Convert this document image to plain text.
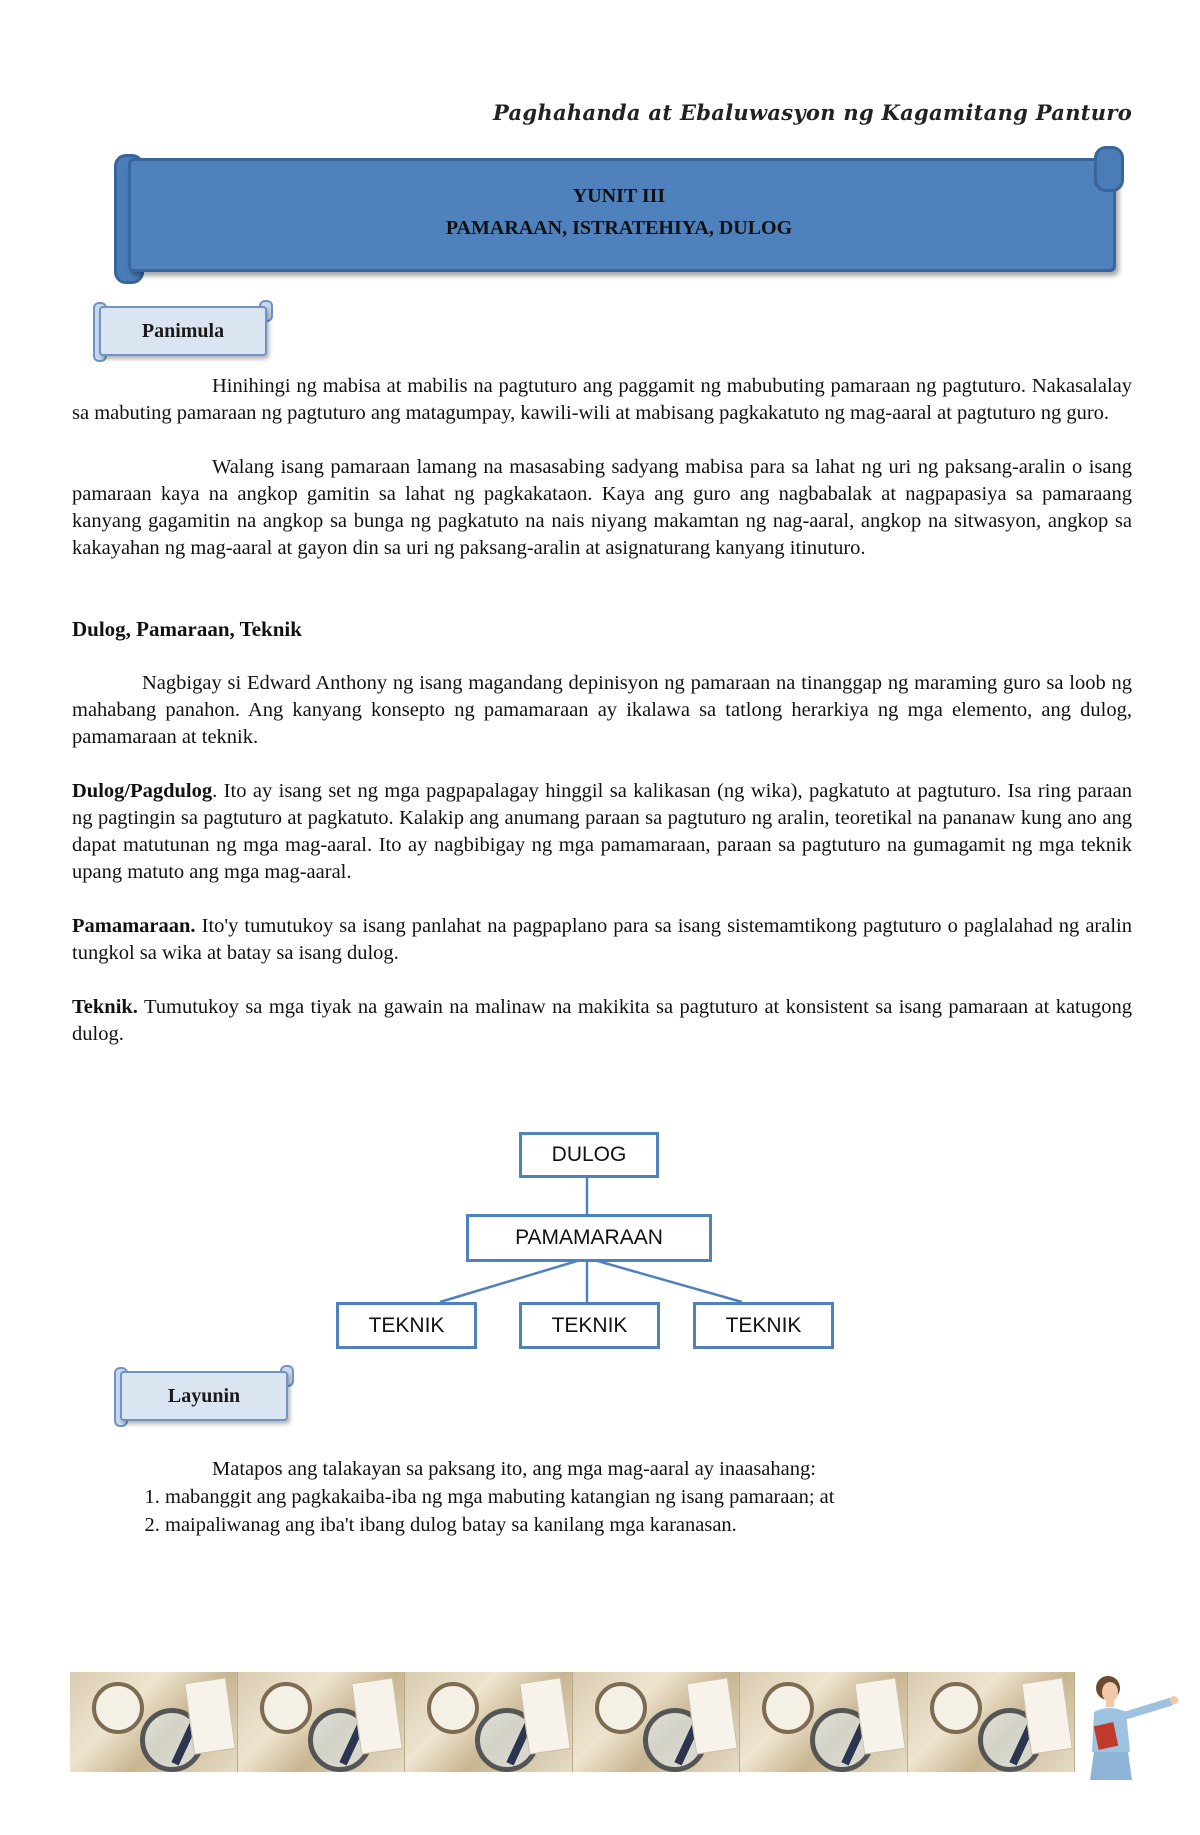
Paghahanda at Ebaluwasyon ng Kagamitang Panturo
YUNIT III
PAMARAAN, ISTRATEHIYA, DULOG
Panimula

Hinihingi ng mabisa at mabilis na pagtuturo ang paggamit ng mabubuting pamaraan ng pagtuturo. Nakasalalay sa mabuting pamaraan ng pagtuturo ang matagumpay, kawili-wili at mabisang pagkakatuto ng mag-aaral at pagtuturo ng guro.

Walang isang pamaraan lamang na masasabing sadyang mabisa para sa lahat ng uri ng paksang-aralin o isang pamaraan kaya na angkop gamitin sa lahat ng pagkakataon. Kaya ang guro ang nagbabalak at nagpapasiya sa pamaraang kanyang gagamitin na angkop sa bunga ng pagkatuto na nais niyang makamtan ng nag-aaral, angkop na sitwasyon, angkop sa kakayahan ng mag-aaral at gayon din sa uri ng paksang-aralin at asignaturang kanyang itinuturo.

Dulog, Pamaraan, Teknik

Nagbigay si Edward Anthony ng isang magandang depinisyon ng pamaraan na tinanggap ng maraming guro sa loob ng mahabang panahon. Ang kanyang konsepto ng pamamaraan ay ikalawa sa tatlong herarkiya ng mga elemento, ang dulog, pamamaraan at teknik.

Dulog/Pagdulog. Ito ay isang set ng mga pagpapalagay hinggil sa kalikasan (ng wika), pagkatuto at pagtuturo. Isa ring paraan ng pagtingin sa pagtuturo at pagkatuto. Kalakip ang anumang paraan sa pagtuturo ng aralin, teoretikal na pananaw kung ano ang dapat matutunan ng mga mag-aaral. Ito ay nagbibigay ng mga pamamaraan, paraan sa pagtuturo na gumagamit ng mga teknik upang matuto ang mga mag-aaral.

Pamamaraan. Ito'y tumutukoy sa isang panlahat na pagpaplano para sa isang sistemamtikong pagtuturo o paglalahad ng aralin tungkol sa wika at batay sa isang dulog.

Teknik. Tumutukoy sa mga tiyak na gawain na malinaw na makikita sa pagtuturo at konsistent sa isang pamaraan at katugong dulog.

DULOG
PAMAMARAAN
TEKNIK	TEKNIK	TEKNIK
Layunin
Matapos ang talakayan sa paksang ito, ang mga mag-aaral ay inaasahang:
1. mabanggit ang pagkakaiba-iba ng mga mabuting katangian ng isang pamaraan; at
2. maipaliwanag ang iba't ibang dulog batay sa kanilang mga karanasan.
